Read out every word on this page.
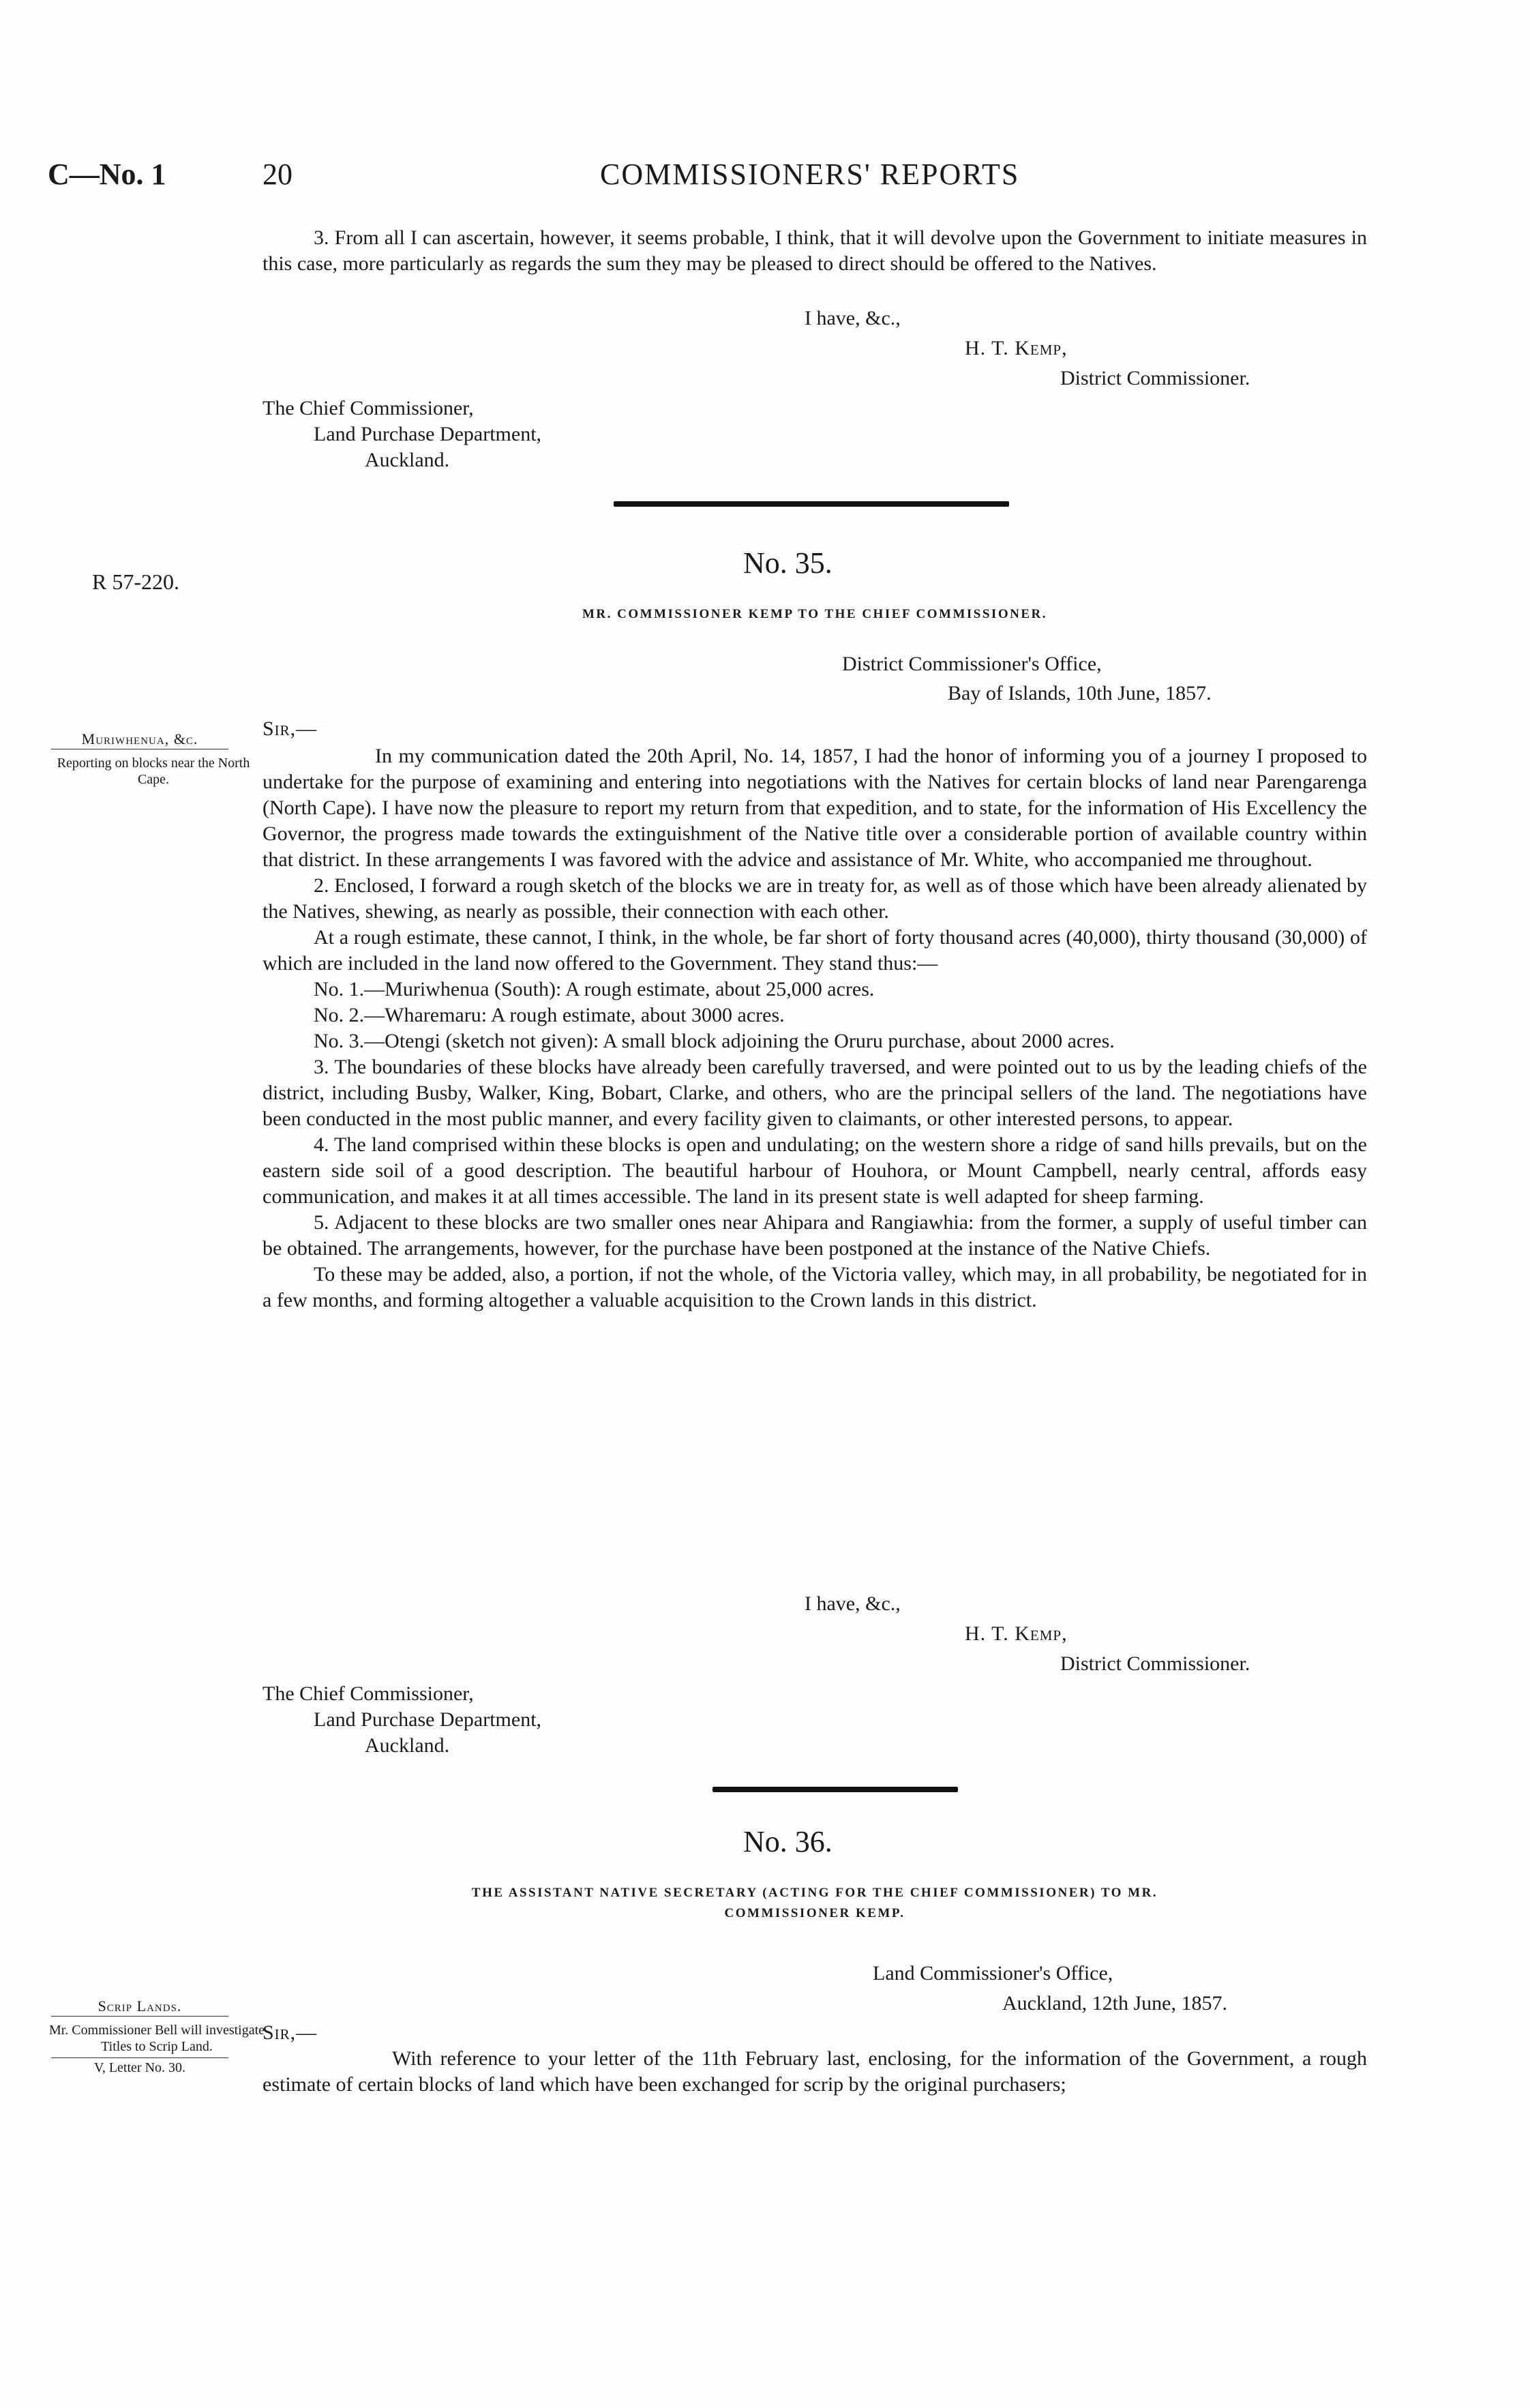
C—No. 1	20	COMMISSIONERS' REPORTS

3. From all I can ascertain, however, it seems probable, I think, that it will devolve upon the Government to initiate measures in this case, more particularly as regards the sum they may be pleased to direct should be offered to the Natives.

I have, &c.,
H. T. Kemp,
District Commissioner.
The Chief Commissioner,
Land Purchase Department,
Auckland.
R 57-220.
No. 35.
MR. COMMISSIONER KEMP TO THE CHIEF COMMISSIONER.
District Commissioner's Office,
Bay of Islands, 10th June, 1857.
Muriwhenua, &c.
Reporting on blocks near the North Cape.
Sir,—

In my communication dated the 20th April, No. 14, 1857, I had the honor of informing you of a journey I proposed to undertake for the purpose of examining and entering into negotiations with the Natives for certain blocks of land near Parengarenga (North Cape). I have now the pleasure to report my return from that expedition, and to state, for the information of His Excellency the Governor, the progress made towards the extinguishment of the Native title over a considerable portion of available country within that district. In these arrangements I was favored with the advice and assistance of Mr. White, who accompanied me throughout.

2. Enclosed, I forward a rough sketch of the blocks we are in treaty for, as well as of those which have been already alienated by the Natives, shewing, as nearly as possible, their connection with each other.

At a rough estimate, these cannot, I think, in the whole, be far short of forty thousand acres (40,000), thirty thousand (30,000) of which are included in the land now offered to the Government. They stand thus:—

No. 1.—Muriwhenua (South): A rough estimate, about 25,000 acres.

No. 2.—Wharemaru: A rough estimate, about 3000 acres.

No. 3.—Otengi (sketch not given): A small block adjoining the Oruru purchase, about 2000 acres.

3. The boundaries of these blocks have already been carefully traversed, and were pointed out to us by the leading chiefs of the district, including Busby, Walker, King, Bobart, Clarke, and others, who are the principal sellers of the land. The negotiations have been conducted in the most public manner, and every facility given to claimants, or other interested persons, to appear.

4. The land comprised within these blocks is open and undulating; on the western shore a ridge of sand hills prevails, but on the eastern side soil of a good description. The beautiful harbour of Houhora, or Mount Campbell, nearly central, affords easy communication, and makes it at all times accessible. The land in its present state is well adapted for sheep farming.

5. Adjacent to these blocks are two smaller ones near Ahipara and Rangiawhia: from the former, a supply of useful timber can be obtained. The arrangements, however, for the purchase have been postponed at the instance of the Native Chiefs.

To these may be added, also, a portion, if not the whole, of the Victoria valley, which may, in all probability, be negotiated for in a few months, and forming altogether a valuable acquisition to the Crown lands in this district.

I have, &c.,
H. T. Kemp,
District Commissioner.
The Chief Commissioner,
Land Purchase Department,
Auckland.
No. 36.
THE ASSISTANT NATIVE SECRETARY (ACTING FOR THE CHIEF COMMISSIONER) TO MR.
COMMISSIONER KEMP.
Land Commissioner's Office,
Auckland, 12th June, 1857.
Scrip Lands.
Mr. Commissioner Bell will investigate Titles to Scrip Land.
V, Letter No. 30.
Sir,—

With reference to your letter of the 11th February last, enclosing, for the information of the Government, a rough estimate of certain blocks of land which have been exchanged for scrip by the original purchasers;
